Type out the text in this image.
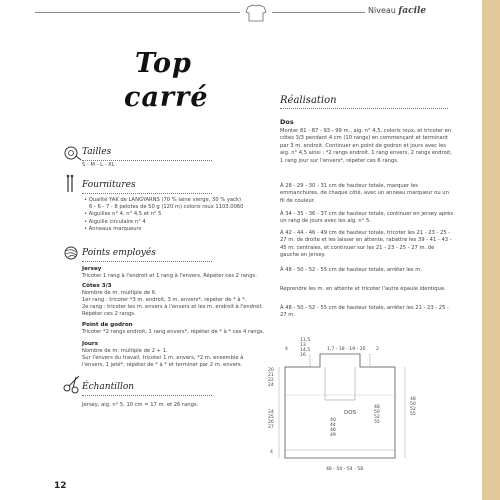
Niveau facile
Top
carré
Tailles
S - M - L - XL
Fournitures
• Qualité YAK de LANGYARNS (70 % laine vierge, 30 % yack)
6 - 6 - 7 - 8 pelotes de 50 g (120 m) coloris roux 1103.0060
• Aiguilles n° 4, n° 4,5 et n° 5
• Aiguille circulaire n° 4
• Anneaux marqueurs
Points employés
Jersey
Tricoter 1 rang à l'endroit et 1 rang à l'envers. Répéter ces 2 rangs.
Côtes 3/3
Nombre de m. multiple de 6.
1er rang : tricoter *3 m. endroit, 3 m. envers*, répéter de * à *.
2e rang : tricoter les m. envers à l'envers et les m. endroit à l'endroit.
Répéter ces 2 rangs.
Point de godron
Tricoter *2 rangs endroit, 1 rang envers*, répéter de * à * ces 4 rangs.
Jours
Nombre de m. multiple de 2 + 1.
Sur l'envers du travail, tricoter 1 m. envers, *2 m. ensemble à
l'envers, 1 jeté*, répéter de * à * et terminer par 2 m. envers.
Échantillon
Jersey, aig. n° 5, 10 cm = 17 m. et 26 rangs.
Réalisation
Dos
Monter 81 - 87 - 93 - 99 m., aig. n° 4,5, coloris roux, et tricoter en côtes 3/3 pendant 4 cm (10 rangs) en commençant et terminant par 3 m. endroit. Continuer en point de godron et jours avec les aig. n° 4,5 ainsi : *2 rangs endroit, 1 rang envers, 2 rangs endroit, 1 rang jour sur l'envers*, répéter ces 6 rangs.
À 28 - 29 - 30 - 31 cm de hauteur totale, marquer les emmanchures, de chaque côté, avec un anneau marqueur ou un fil de couleur.
À 34 - 35 - 36 - 37 cm de hauteur totale, continuer en jersey après un rang de jours avec les aig. n° 5.
À 42 - 44 - 46 - 49 cm de hauteur totale, tricoter les 21 - 23 - 25 - 27 m. de droite et les laisser en attente, rabattre les 39 - 41 - 43 - 45 m. centrales, et continuer sur les 21 - 23 - 25 - 27 m. de gauche en jersey.
À 48 - 50 - 52 - 55 cm de hauteur totale, arrêter les m.
Reprendre les m. en attente et tricoter l'autre épaule identique.
À 48 - 50 - 52 - 55 cm de hauteur totale, arrêter les 21 - 23 - 25 - 27 m.
DOS
4
11,5
13
14,5
16
1,7 - 18 - 19 - 20 2
20
21
22
24
24
25
26
27
4
40
44
46
49
48
50
52
55
48
50
52
55
46 - 50 - 54 - 58
12
